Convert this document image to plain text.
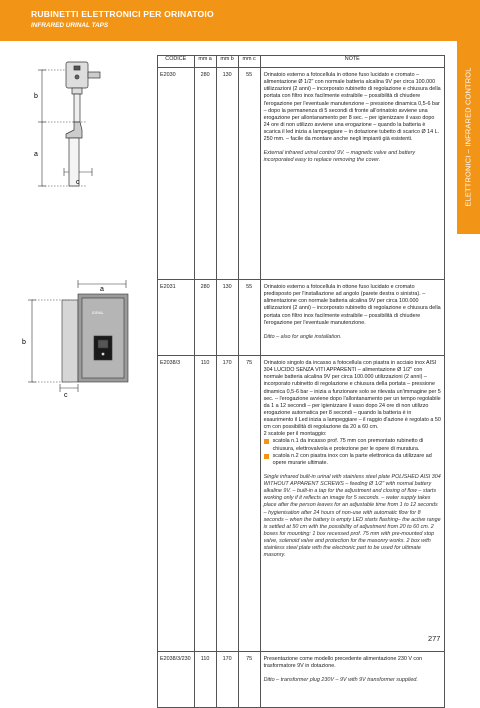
RUBINETTI ELETTRONICI PER ORINATOIO
INFRARED URINAL TAPS
ELETTRONICI – INFRARED CONTROL
b
a
c
IDRAL
a
b
c
CODICE	mm a	mm b	mm c	NOTE
E2030	280	130	55	Orinatoio esterno a fotocellula in ottone fuso lucidato e cromato – alimentazione Ø 1/2" con normale batteria alcalina 9V per circa 100.000 utilizzazioni (2 anni) – incorporato rubinetto di regolazione e chiusura della portata con filtro inox facilmente estraibile – possibilità di chiudere l'erogazione per l'eventuale manutenzione – pressione dinamica 0,5-6 bar – dopo la permanenza di 5 secondi di fronte all'orinatoio avviene una erogazione per allontanamento per 8 sec. – per igienizzare il vaso dopo 24 ore di non utilizzo avviene una erogazione – quando la batteria è scarica il led inizia a lampeggiare – in dotazione tubetto di scarico Ø 14 L. 250 mm. – facile da montare anche negli impianti già esistenti.

External infrared urinal control 9V. – magnetic valve and battery incorporated easy to replace removing the cover.

E2031	280	130	55	Orinatoio esterno a fotocellula in ottone fuso lucidato e cromato predisposto per l'installazione ad angolo (parete destra o sinistra). – alimentazione con normale batteria alcalina 9V per circa 100.000 utilizzazioni (2 anni) – incorporato rubinetto di regolazione e chiusura della portata con filtro inox facilmente estraibile – possibilità di chiudere l'erogazione per l'eventuale manutenzione.

Ditto – also for angle installation.

E2038/3	110	170	75	Orinatoio singolo da incasso a fotocellula con piastra in acciaio inox AISI 304 LUCIDO SENZA VITI APPARENTI – alimentazione Ø 1/2" con normale batteria alcalina 9V per circa 100.000 utilizzazioni (2 anni) – incorporato rubinetto di regolazione e chiusura della portata – pressione dinamica 0,5-6 bar – inizia a funzionare solo se rilevata un'immagine per 5 sec. – l'erogazione avviene dopo l'allontanamento per un tempo regolabile da 1 a 12 secondi – per igienizzare il vaso dopo 24 ore di non utilizzo erogazione automatica per 8 secondi – quando la batteria è in esaurimento il Led inizia a lampeggiare – il raggio d'azione è regolato a 50 cm con possibilità di regolazione da 20 a 60 cm.

2 scatole per il montaggio:

scatola n.1 da incasso prof. 75 mm con premontato rubinetto di chiusura, elettrovalvola e protezione per le opere di muratura.

scatola n.2 con piastra inox con la parte elettronica da utilizzare ad opere murarie ultimate.

Single infrared built-in urinal with stainless steel plate POLISHED AISI 304 WITHOUT APPARENT SCREWS – feeding Ø 1/2" with normal battery alkaline 9V. – built-in a tap for the adjustment and closing of flow – starts working only if it reflects an image for 5 seconds. – water supply takes place after the person leaves for an adjustable time from 1 to 12 seconds – hygienisation after 24 hours of non-use with automatic flow for 8 seconds – when the battery is empty LED starts flashing– the active range is settled at 50 cm with the possibility of adjustment from 20 to 60 cm. 2 boxes for mounting: 1 box recessed prof. 75 mm with pre-mounted stop valve, solenoid valve and protection for the masonry works. 2 box with stainless steel plate with the electronic part to be used for ultimate masonry.

E2038/3/230	110	170	75	Presentazione come modello precedente alimentazione 230 V con trasformatore 9V in dotazione.

Ditto – transformer plug 230V – 9V with 9V transformer supplied.

277
